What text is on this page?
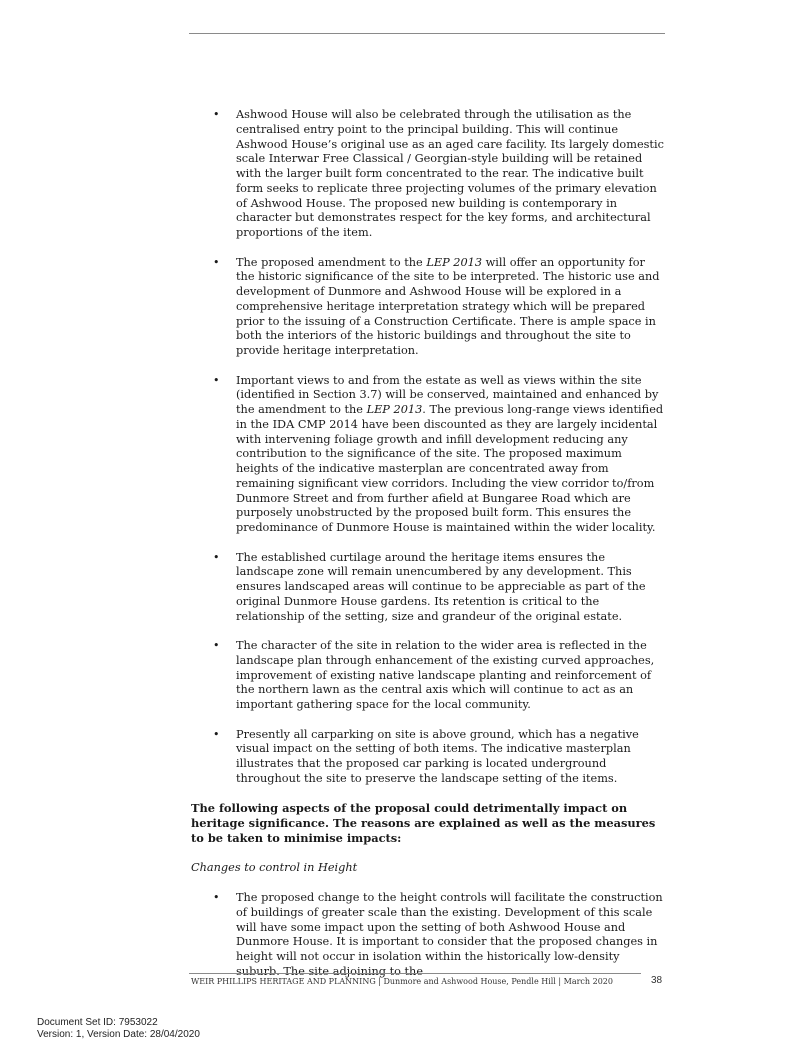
• Ashwood House will also be celebrated through the utilisation as the centralised entry point to the principal building. This will continue Ashwood House’s original use as an aged care facility. Its largely domestic scale Interwar Free Classical / Georgian-style building will be retained with the larger built form concentrated to the rear. The indicative built form seeks to replicate three projecting volumes of the primary elevation of Ashwood House. The proposed new building is contemporary in character but demonstrates respect for the key forms, and architectural proportions of the item.
• The proposed amendment to the LEP 2013 will offer an opportunity for the historic significance of the site to be interpreted. The historic use and development of Dunmore and Ashwood House will be explored in a comprehensive heritage interpretation strategy which will be prepared prior to the issuing of a Construction Certificate. There is ample space in both the interiors of the historic buildings and throughout the site to provide heritage interpretation.
• Important views to and from the estate as well as views within the site (identified in Section 3.7) will be conserved, maintained and enhanced by the amendment to the LEP 2013. The previous long-range views identified in the IDA CMP 2014 have been discounted as they are largely incidental with intervening foliage growth and infill development reducing any contribution to the significance of the site. The proposed maximum heights of the indicative masterplan are concentrated away from remaining significant view corridors. Including the view corridor to/from Dunmore Street and from further afield at Bungaree Road which are purposely unobstructed by the proposed built form. This ensures the predominance of Dunmore House is maintained within the wider locality.
• The established curtilage around the heritage items ensures the landscape zone will remain unencumbered by any development. This ensures landscaped areas will continue to be appreciable as part of the original Dunmore House gardens. Its retention is critical to the relationship of the setting, size and grandeur of the original estate.
• The character of the site in relation to the wider area is reflected in the landscape plan through enhancement of the existing curved approaches, improvement of existing native landscape planting and reinforcement of the northern lawn as the central axis which will continue to act as an important gathering space for the local community.
• Presently all carparking on site is above ground, which has a negative visual impact on the setting of both items. The indicative masterplan illustrates that the proposed car parking is located underground throughout the site to preserve the landscape setting of the items.
The following aspects of the proposal could detrimentally impact on heritage significance. The reasons are explained as well as the measures to be taken to minimise impacts:
Changes to control in Height
• The proposed change to the height controls will facilitate the construction of buildings of greater scale than the existing. Development of this scale will have some impact upon the setting of both Ashwood House and Dunmore House. It is important to consider that the proposed changes in height will not occur in isolation within the historically low-density suburb. The site adjoining to the
WEIR PHILLIPS HERITAGE AND PLANNING | Dunmore and Ashwood House, Pendle Hill | March 2020	38
Document Set ID: 7953022
Version: 1, Version Date: 28/04/2020
